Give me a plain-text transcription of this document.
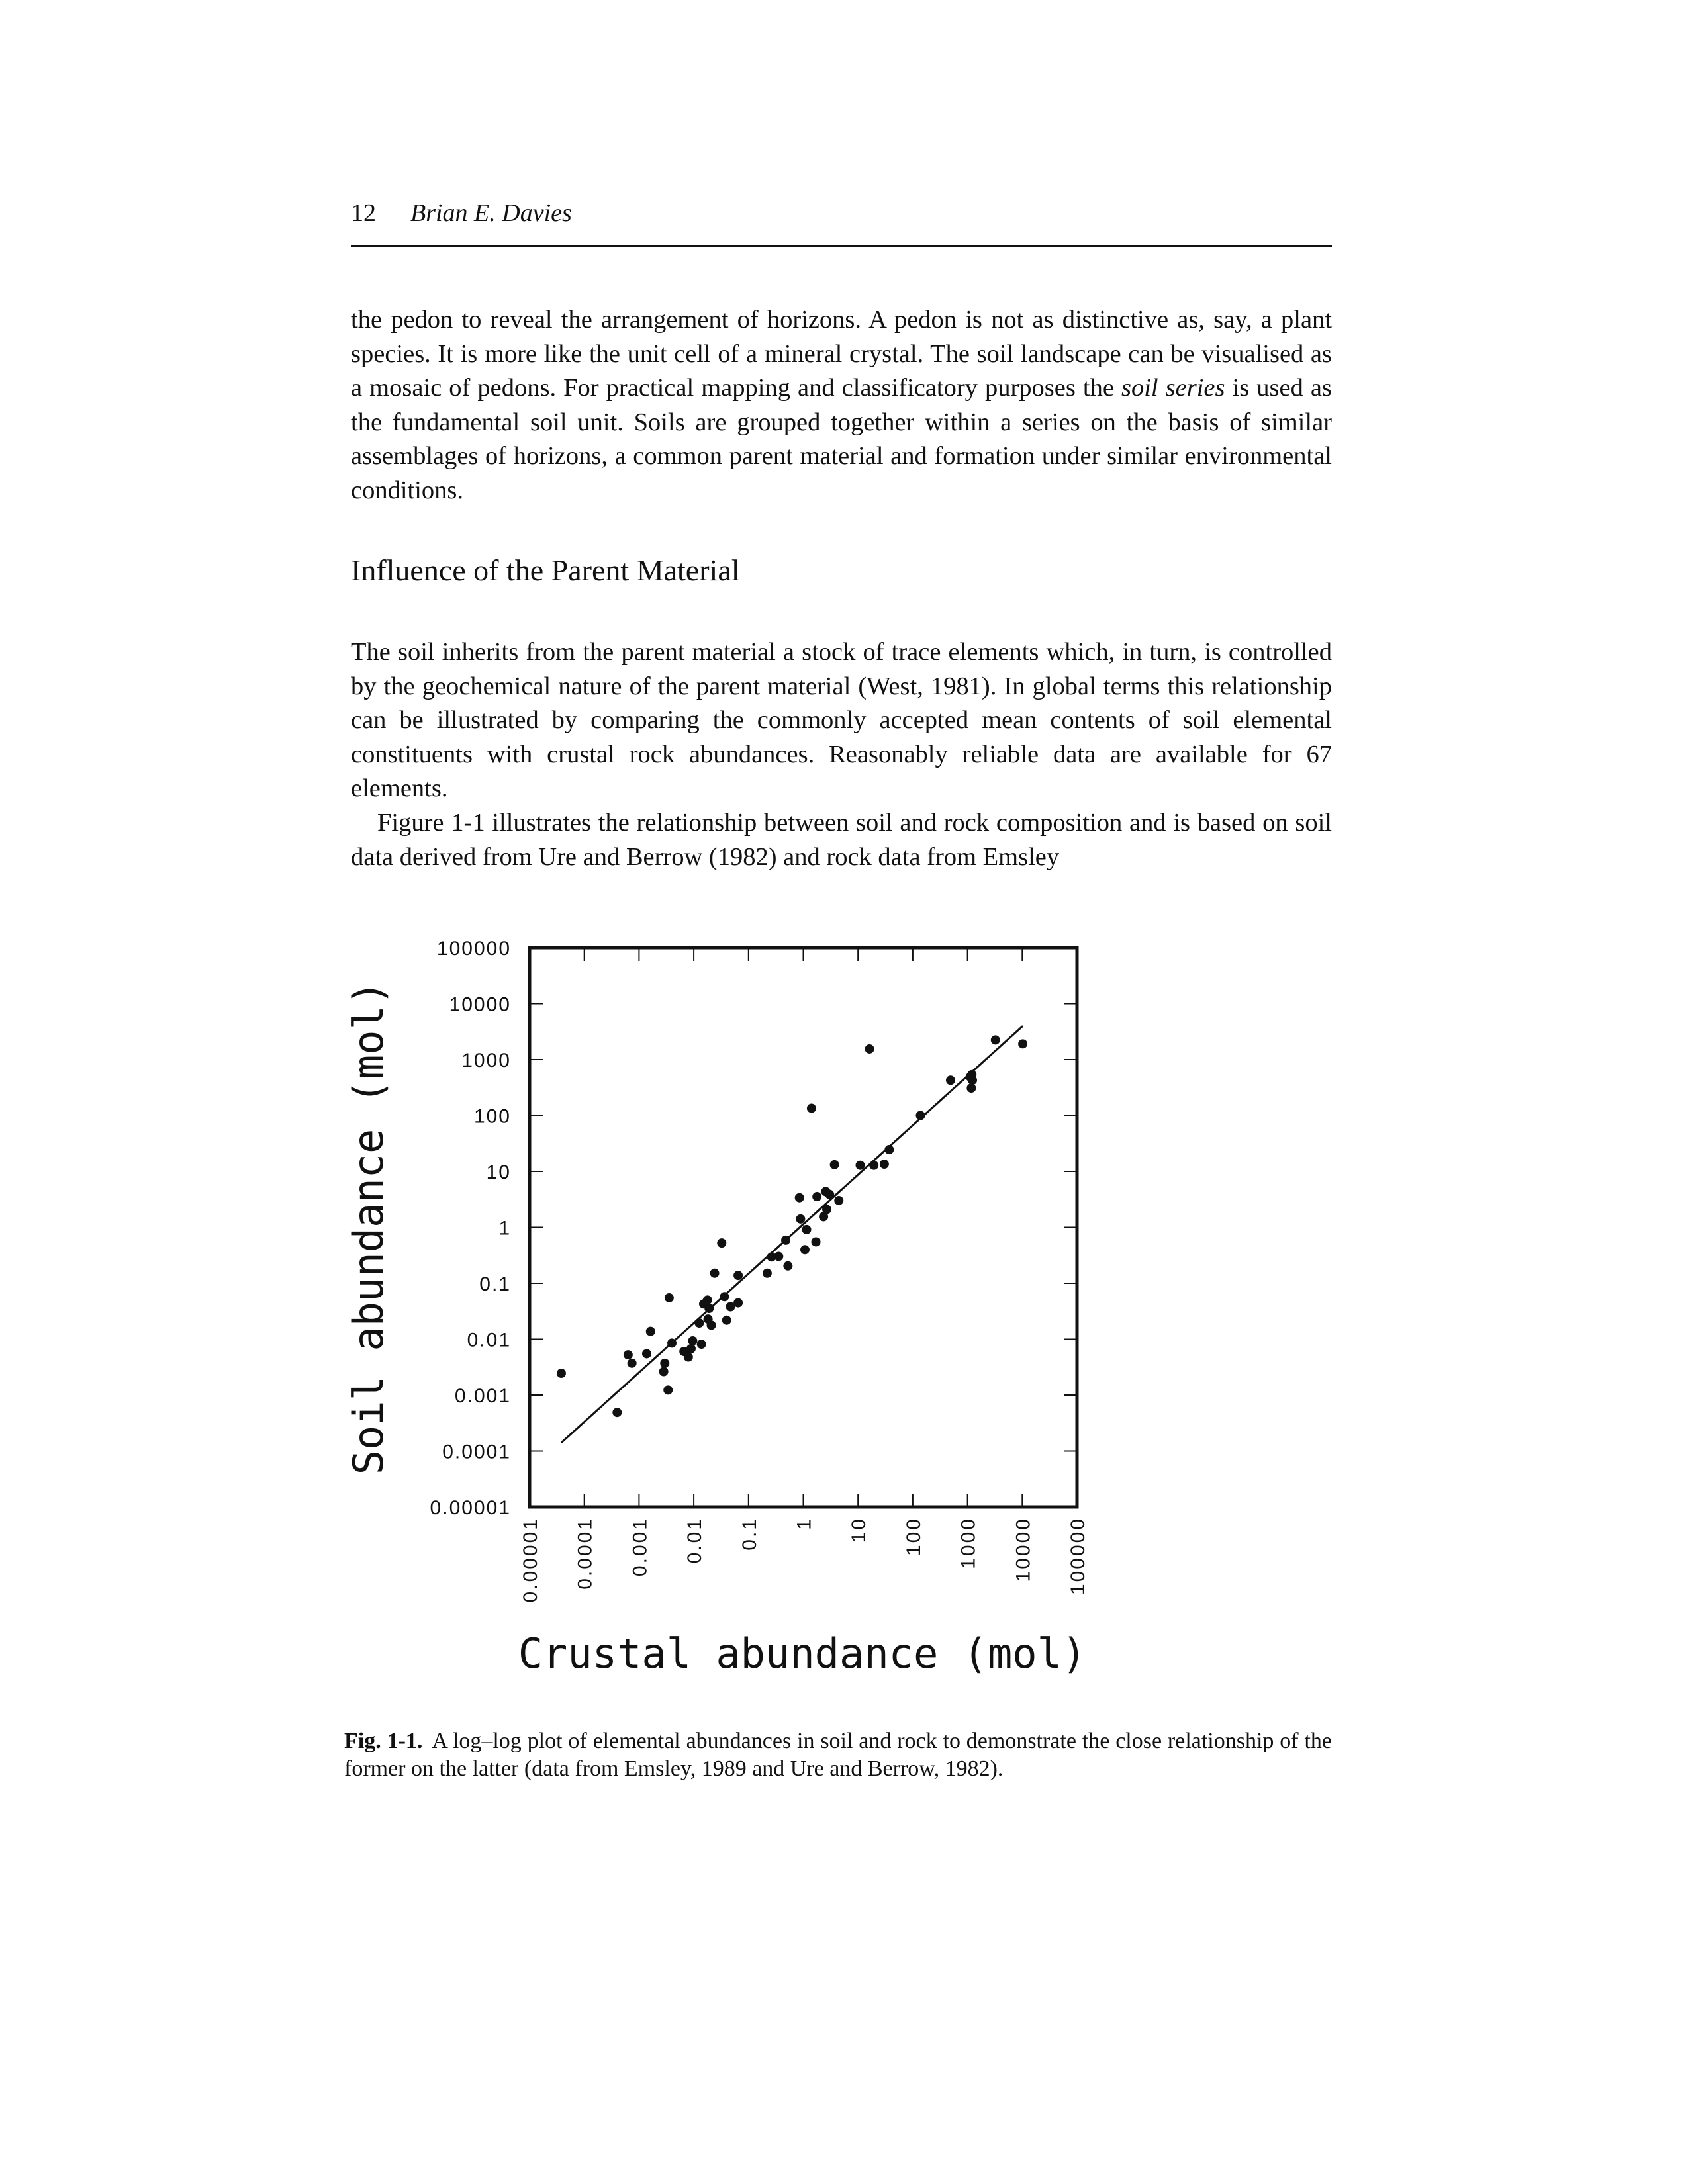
12 Brian E. Davies
the pedon to reveal the arrangement of horizons. A pedon is not as distinctive as, say, a plant species. It is more like the unit cell of a mineral crystal. The soil landscape can be visualised as a mosaic of pedons. For practical mapping and classificatory purposes the soil series is used as the fundamental soil unit. Soils are grouped together within a series on the basis of similar assemblages of horizons, a common parent material and formation under similar environmental conditions.
Influence of the Parent Material
The soil inherits from the parent material a stock of trace elements which, in turn, is controlled by the geochemical nature of the parent material (West, 1981). In global terms this relationship can be illustrated by comparing the commonly accepted mean contents of soil elemental constituents with crustal rock abundances. Reasonably reliable data are available for 67 elements.
Figure 1-1 illustrates the relationship between soil and rock composition and is based on soil data derived from Ure and Berrow (1982) and rock data from Emsley
Soil abundance (mol)
100000
10000
1000
100
10
1
0.1
0.01
0.001
0.0001
0.00001
0.00001 0.0001 0.001 0.01 0.1 1 10 100 1000 10000 100000
Crustal abundance (mol)
Fig. 1-1. A log–log plot of elemental abundances in soil and rock to demonstrate the close relationship of the former on the latter (data from Emsley, 1989 and Ure and Berrow, 1982).
